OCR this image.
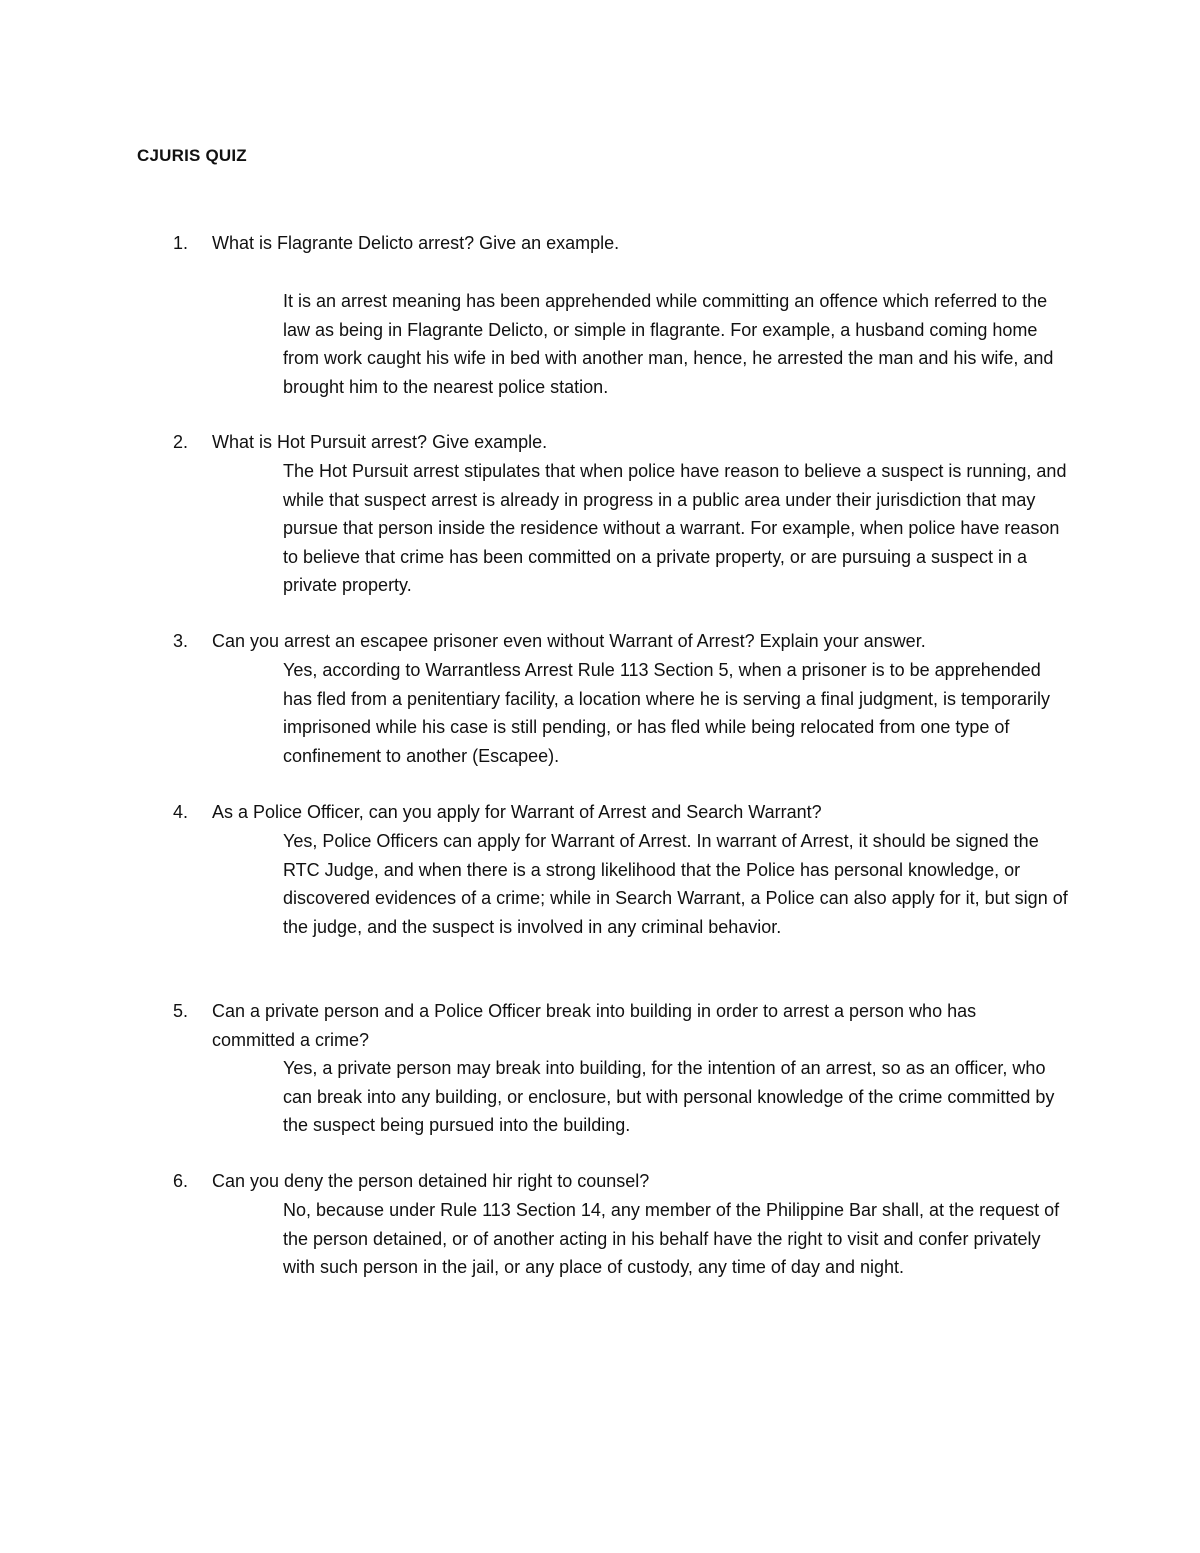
CJURIS QUIZ
1. What is Flagrante Delicto arrest? Give an example.
It is an arrest meaning has been apprehended while committing an offence which referred to the law as being in Flagrante Delicto, or simple in flagrante. For example, a husband coming home from work caught his wife in bed with another man, hence, he arrested the man and his wife, and brought him to the nearest police station.
2. What is Hot Pursuit arrest? Give example.
The Hot Pursuit arrest stipulates that when police have reason to believe a suspect is running, and while that suspect arrest is already in progress in a public area under their jurisdiction that may pursue that person inside the residence without a warrant. For example, when police have reason to believe that crime has been committed on a private property, or are pursuing a suspect in a private property.
3. Can you arrest an escapee prisoner even without Warrant of Arrest? Explain your answer.
Yes, according to Warrantless Arrest Rule 113 Section 5, when a prisoner is to be apprehended has fled from a penitentiary facility, a location where he is serving a final judgment, is temporarily imprisoned while his case is still pending, or has fled while being relocated from one type of confinement to another (Escapee).
4. As a Police Officer, can you apply for Warrant of Arrest and Search Warrant?
Yes, Police Officers can apply for Warrant of Arrest. In warrant of Arrest, it should be signed the RTC Judge, and when there is a strong likelihood that the Police has personal knowledge, or discovered evidences of a crime; while in Search Warrant, a Police can also apply for it, but sign of the judge, and the suspect is involved in any criminal behavior.
5. Can a private person and a Police Officer break into building in order to arrest a person who has committed a crime?
Yes, a private person may break into building, for the intention of an arrest, so as an officer, who can break into any building, or enclosure, but with personal knowledge of the crime committed by the suspect being pursued into the building.
6. Can you deny the person detained hir right to counsel?
No, because under Rule 113 Section 14, any member of the Philippine Bar shall, at the request of the person detained, or of another acting in his behalf have the right to visit and confer privately with such person in the jail, or any place of custody, any time of day and night.
